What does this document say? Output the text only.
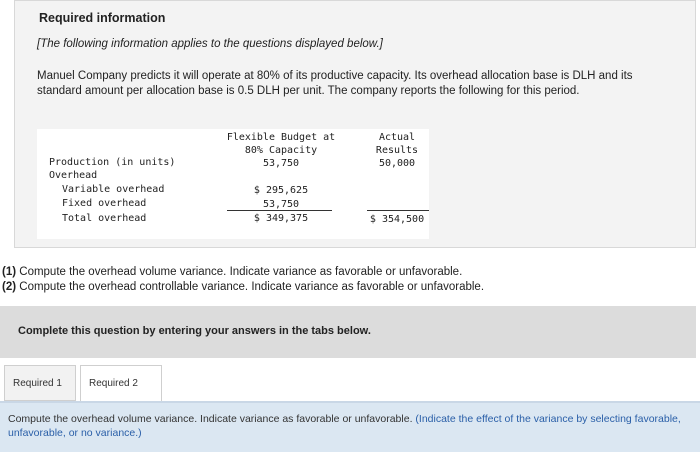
Required information
[The following information applies to the questions displayed below.]

Manuel Company predicts it will operate at 80% of its productive capacity. Its overhead allocation base is DLH and its standard amount per allocation base is 0.5 DLH per unit. The company reports the following for this period.

Flexible Budget at
80% Capacity
53,750
Actual
Results
50,000
Production (in units)
Overhead
Variable overhead
Fixed overhead
Total overhead
$ 295,625
53,750
$ 349,375	$ 354,500

(1) Compute the overhead volume variance. Indicate variance as favorable or unfavorable.
(2) Compute the overhead controllable variance. Indicate variance as favorable or unfavorable.

Complete this question by entering your answers in the tabs below.
Required 1	Required 2

Compute the overhead volume variance. Indicate variance as favorable or unfavorable. (Indicate the effect of the variance by selecting favorable, unfavorable, or no variance.)
